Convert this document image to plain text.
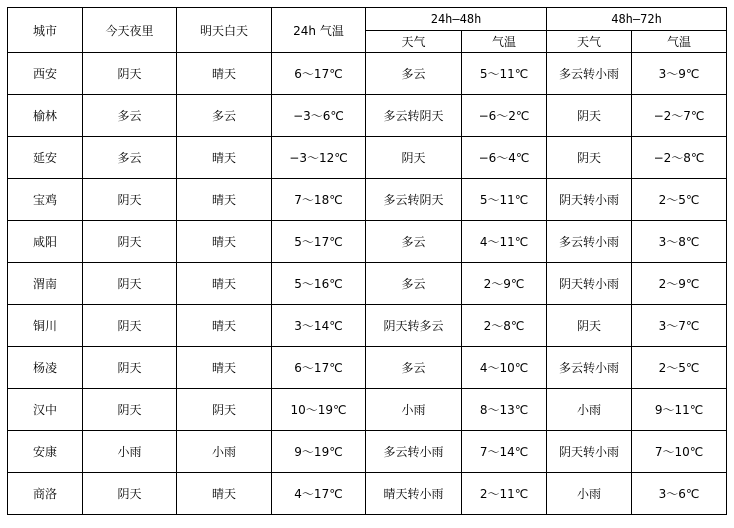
城市	今天夜里	明天白天	24h 气温	24h—48h		48h—72h	
				天气	气温	天气	气温
西安	阴天	晴天	6～17℃	多云	5～11℃	多云转小雨	3～9℃
榆林	多云	多云	−3～6℃	多云转阴天	−6～2℃	阴天	−2～7℃
延安	多云	晴天	−3～12℃	阴天	−6～4℃	阴天	−2～8℃
宝鸡	阴天	晴天	7～18℃	多云转阴天	5～11℃	阴天转小雨	2～5℃
咸阳	阴天	晴天	5～17℃	多云	4～11℃	多云转小雨	3～8℃
渭南	阴天	晴天	5～16℃	多云	2～9℃	阴天转小雨	2～9℃
铜川	阴天	晴天	3～14℃	阴天转多云	2～8℃	阴天	3～7℃
杨凌	阴天	晴天	6～17℃	多云	4～10℃	多云转小雨	2～5℃
汉中	阴天	阴天	10～19℃	小雨	8～13℃	小雨	9～11℃
安康	小雨	小雨	9～19℃	多云转小雨	7～14℃	阴天转小雨	7～10℃
商洛	阴天	晴天	4～17℃	晴天转小雨	2～11℃	小雨	3～6℃
